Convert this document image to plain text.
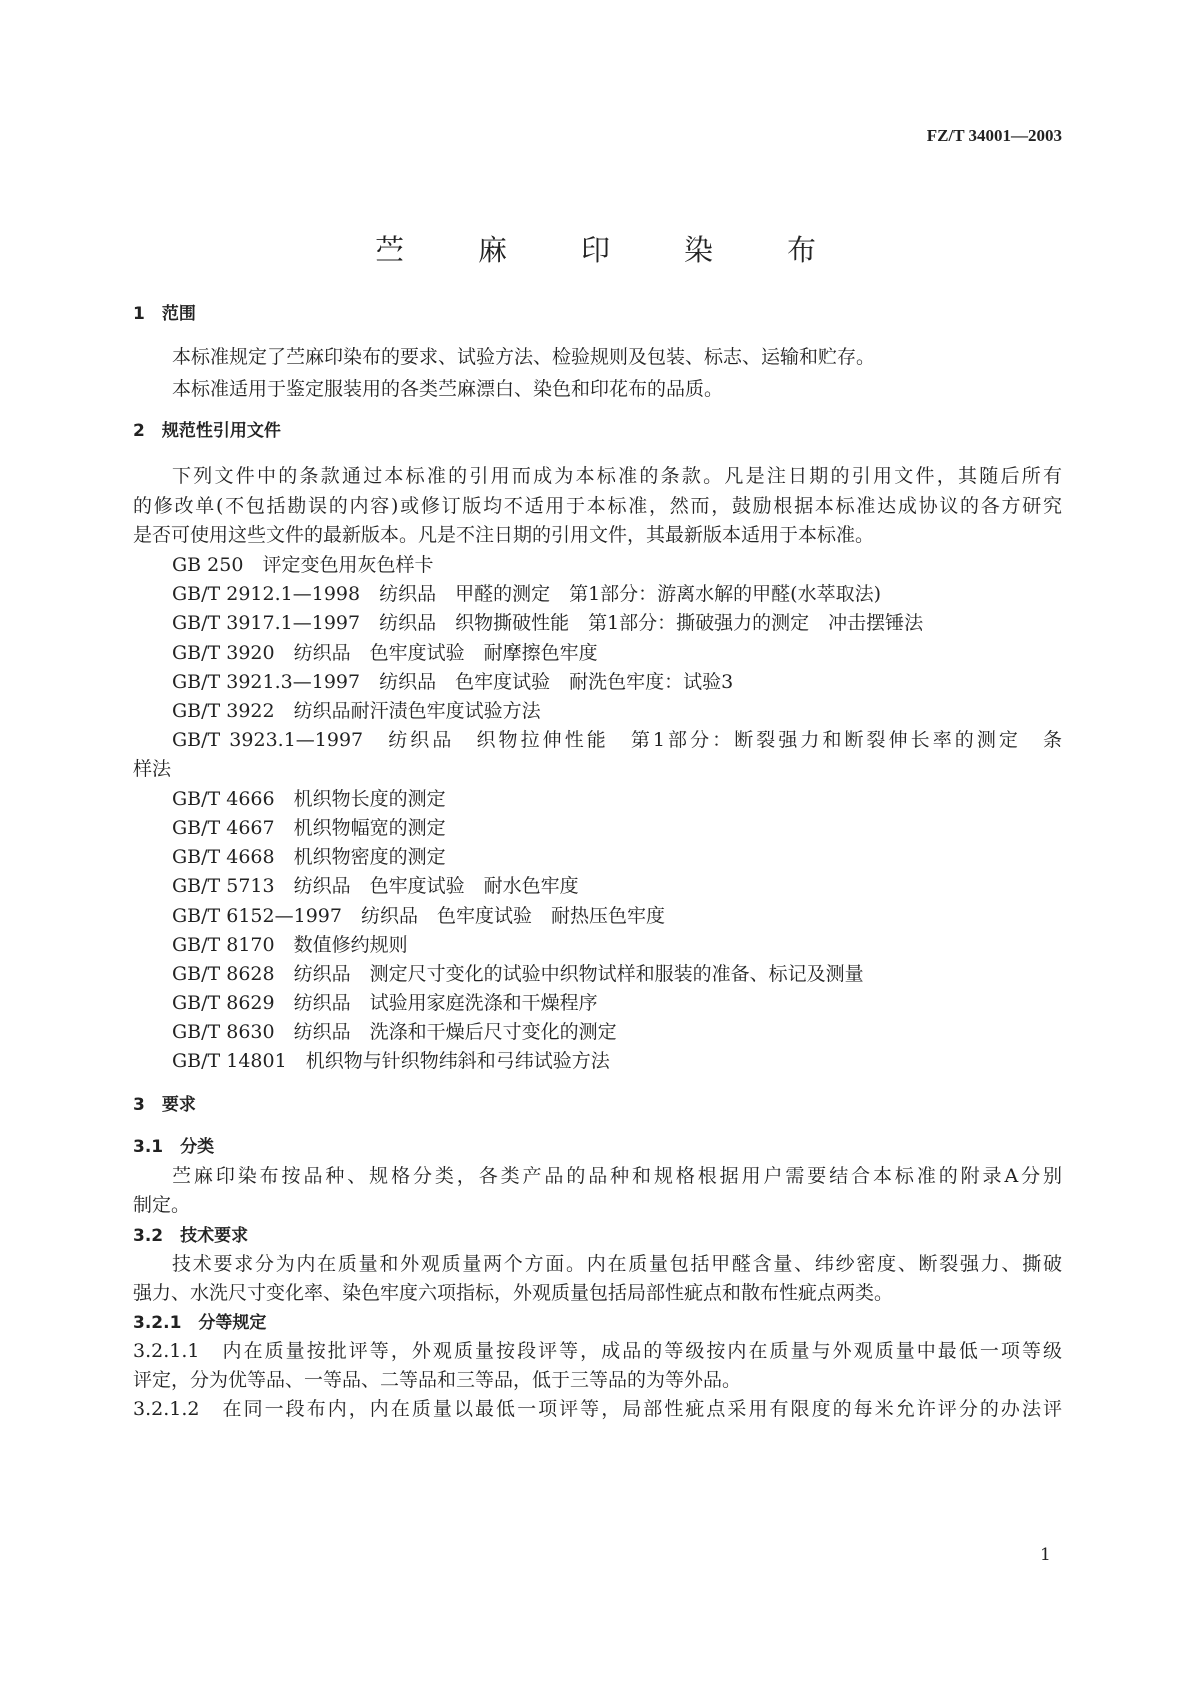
FZ/T 34001—2003
苎	麻	印	染	布
1　范围
本标准规定了苎麻印染布的要求、试验方法、检验规则及包装、标志、运输和贮存。
本标准适用于鉴定服装用的各类苎麻漂白、染色和印花布的品质。
2　规范性引用文件
下列文件中的条款通过本标准的引用而成为本标准的条款。凡是注日期的引用文件，其随后所有
的修改单(不包括勘误的内容)或修订版均不适用于本标准，然而，鼓励根据本标准达成协议的各方研究
是否可使用这些文件的最新版本。凡是不注日期的引用文件，其最新版本适用于本标准。
GB 250　评定变色用灰色样卡
GB/T 2912.1—1998　纺织品　甲醛的测定　第1部分：游离水解的甲醛(水萃取法)
GB/T 3917.1—1997　纺织品　织物撕破性能　第1部分：撕破强力的测定　冲击摆锤法
GB/T 3920　纺织品　色牢度试验　耐摩擦色牢度
GB/T 3921.3—1997　纺织品　色牢度试验　耐洗色牢度：试验3
GB/T 3922　纺织品耐汗渍色牢度试验方法
GB/T 3923.1—1997　纺织品　织物拉伸性能　第1部分：断裂强力和断裂伸长率的测定　条
样法
GB/T 4666　机织物长度的测定
GB/T 4667　机织物幅宽的测定
GB/T 4668　机织物密度的测定
GB/T 5713　纺织品　色牢度试验　耐水色牢度
GB/T 6152—1997　纺织品　色牢度试验　耐热压色牢度
GB/T 8170　数值修约规则
GB/T 8628　纺织品　测定尺寸变化的试验中织物试样和服装的准备、标记及测量
GB/T 8629　纺织品　试验用家庭洗涤和干燥程序
GB/T 8630　纺织品　洗涤和干燥后尺寸变化的测定
GB/T 14801　机织物与针织物纬斜和弓纬试验方法
3　要求
3.1　分类
苎麻印染布按品种、规格分类，各类产品的品种和规格根据用户需要结合本标准的附录A分别
制定。
3.2　技术要求
技术要求分为内在质量和外观质量两个方面。内在质量包括甲醛含量、纬纱密度、断裂强力、撕破
强力、水洗尺寸变化率、染色牢度六项指标，外观质量包括局部性疵点和散布性疵点两类。
3.2.1　分等规定
3.2.1.1　内在质量按批评等，外观质量按段评等，成品的等级按内在质量与外观质量中最低一项等级
评定，分为优等品、一等品、二等品和三等品，低于三等品的为等外品。
3.2.1.2　在同一段布内，内在质量以最低一项评等，局部性疵点采用有限度的每米允许评分的办法评
1
